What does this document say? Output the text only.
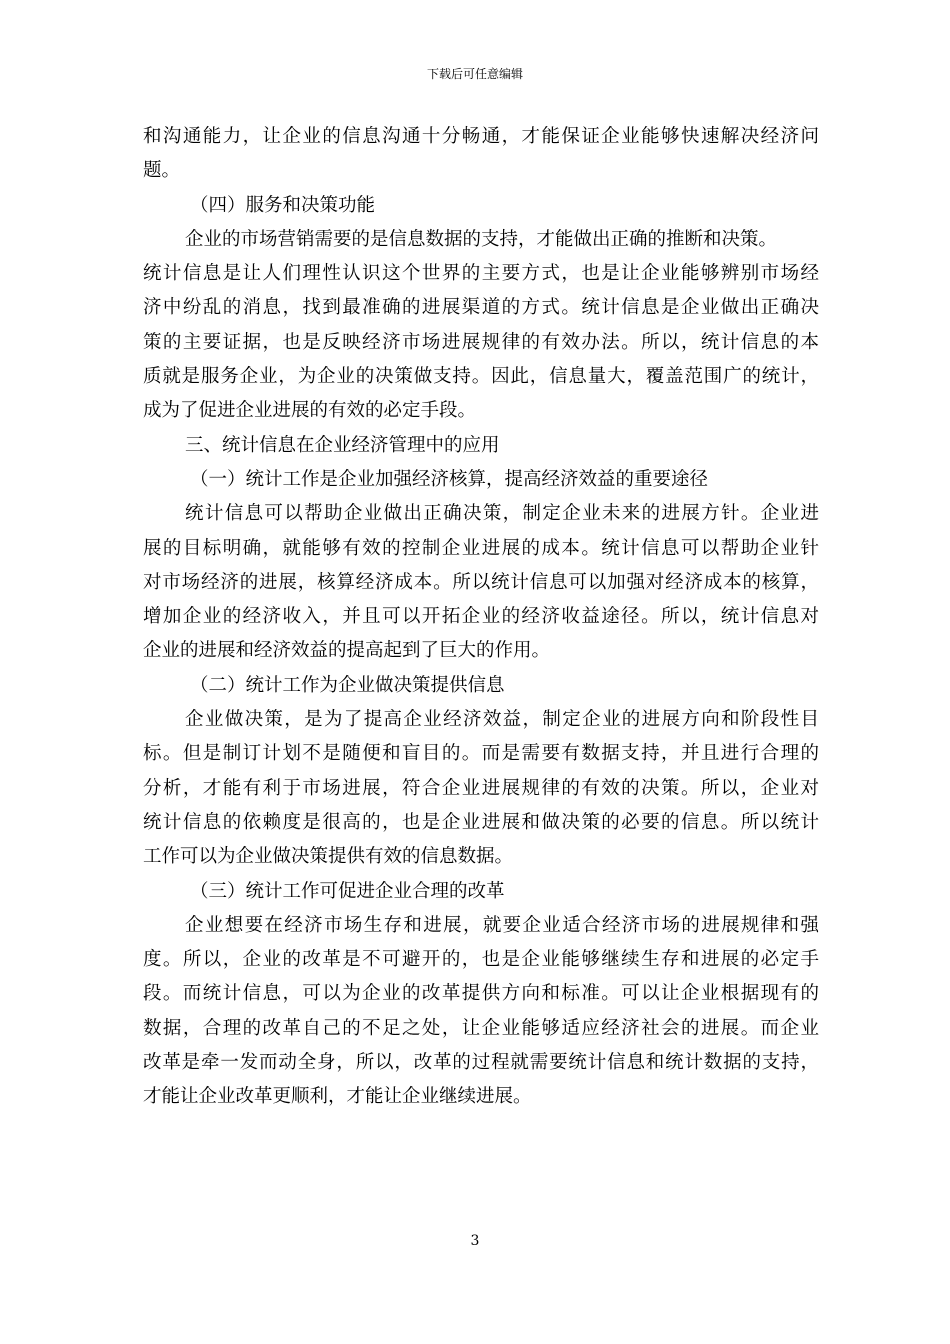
下载后可任意编辑
和沟通能力，让企业的信息沟通十分畅通，才能保证企业能够快速解决经济问
题。
（四）服务和决策功能
企业的市场营销需要的是信息数据的支持，才能做出正确的推断和决策。
统计信息是让人们理性认识这个世界的主要方式，也是让企业能够辨别市场经
济中纷乱的消息，找到最准确的进展渠道的方式。统计信息是企业做出正确决
策的主要证据，也是反映经济市场进展规律的有效办法。所以，统计信息的本
质就是服务企业，为企业的决策做支持。因此，信息量大，覆盖范围广的统计，
成为了促进企业进展的有效的必定手段。
三、统计信息在企业经济管理中的应用
（一）统计工作是企业加强经济核算，提高经济效益的重要途径
统计信息可以帮助企业做出正确决策，制定企业未来的进展方针。企业进
展的目标明确，就能够有效的控制企业进展的成本。统计信息可以帮助企业针
对市场经济的进展，核算经济成本。所以统计信息可以加强对经济成本的核算，
增加企业的经济收入，并且可以开拓企业的经济收益途径。所以，统计信息对
企业的进展和经济效益的提高起到了巨大的作用。
（二）统计工作为企业做决策提供信息
企业做决策，是为了提高企业经济效益，制定企业的进展方向和阶段性目
标。但是制订计划不是随便和盲目的。而是需要有数据支持，并且进行合理的
分析，才能有利于市场进展，符合企业进展规律的有效的决策。所以，企业对
统计信息的依赖度是很高的，也是企业进展和做决策的必要的信息。所以统计
工作可以为企业做决策提供有效的信息数据。
（三）统计工作可促进企业合理的改革
企业想要在经济市场生存和进展，就要企业适合经济市场的进展规律和强
度。所以，企业的改革是不可避开的，也是企业能够继续生存和进展的必定手
段。而统计信息，可以为企业的改革提供方向和标准。可以让企业根据现有的
数据，合理的改革自己的不足之处，让企业能够适应经济社会的进展。而企业
改革是牵一发而动全身，所以，改革的过程就需要统计信息和统计数据的支持，
才能让企业改革更顺利，才能让企业继续进展。
3
